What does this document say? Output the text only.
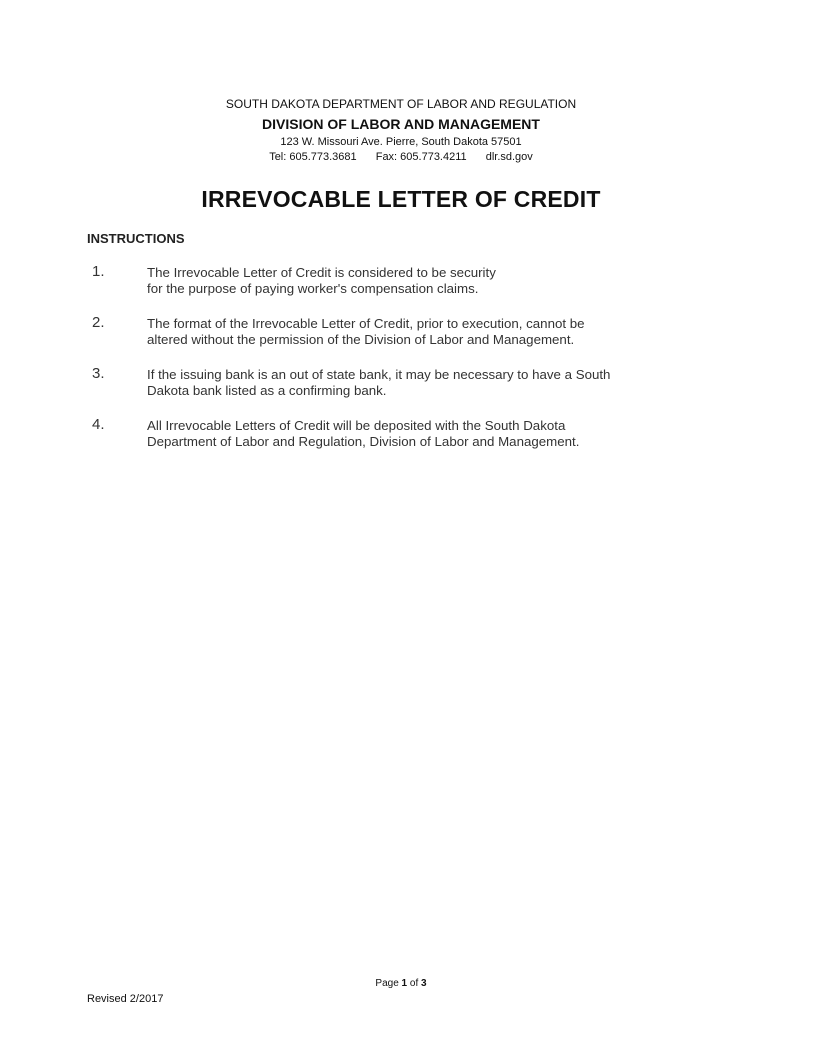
SOUTH DAKOTA DEPARTMENT OF LABOR AND REGULATION
DIVISION OF LABOR AND MANAGEMENT
123 W. Missouri Ave. Pierre, South Dakota 57501
Tel: 605.773.3681 Fax: 605.773.4211 dlr.sd.gov
IRREVOCABLE LETTER OF CREDIT
INSTRUCTIONS
1.	The Irrevocable Letter of Credit is considered to be security
for the purpose of paying worker's compensation claims.
2.	The format of the Irrevocable Letter of Credit, prior to execution, cannot be
altered without the permission of the Division of Labor and Management.
3.	If the issuing bank is an out of state bank, it may be necessary to have a South
Dakota bank listed as a confirming bank.
4.	All Irrevocable Letters of Credit will be deposited with the South Dakota
Department of Labor and Regulation, Division of Labor and Management.
Page 1 of 3
Revised 2/2017
